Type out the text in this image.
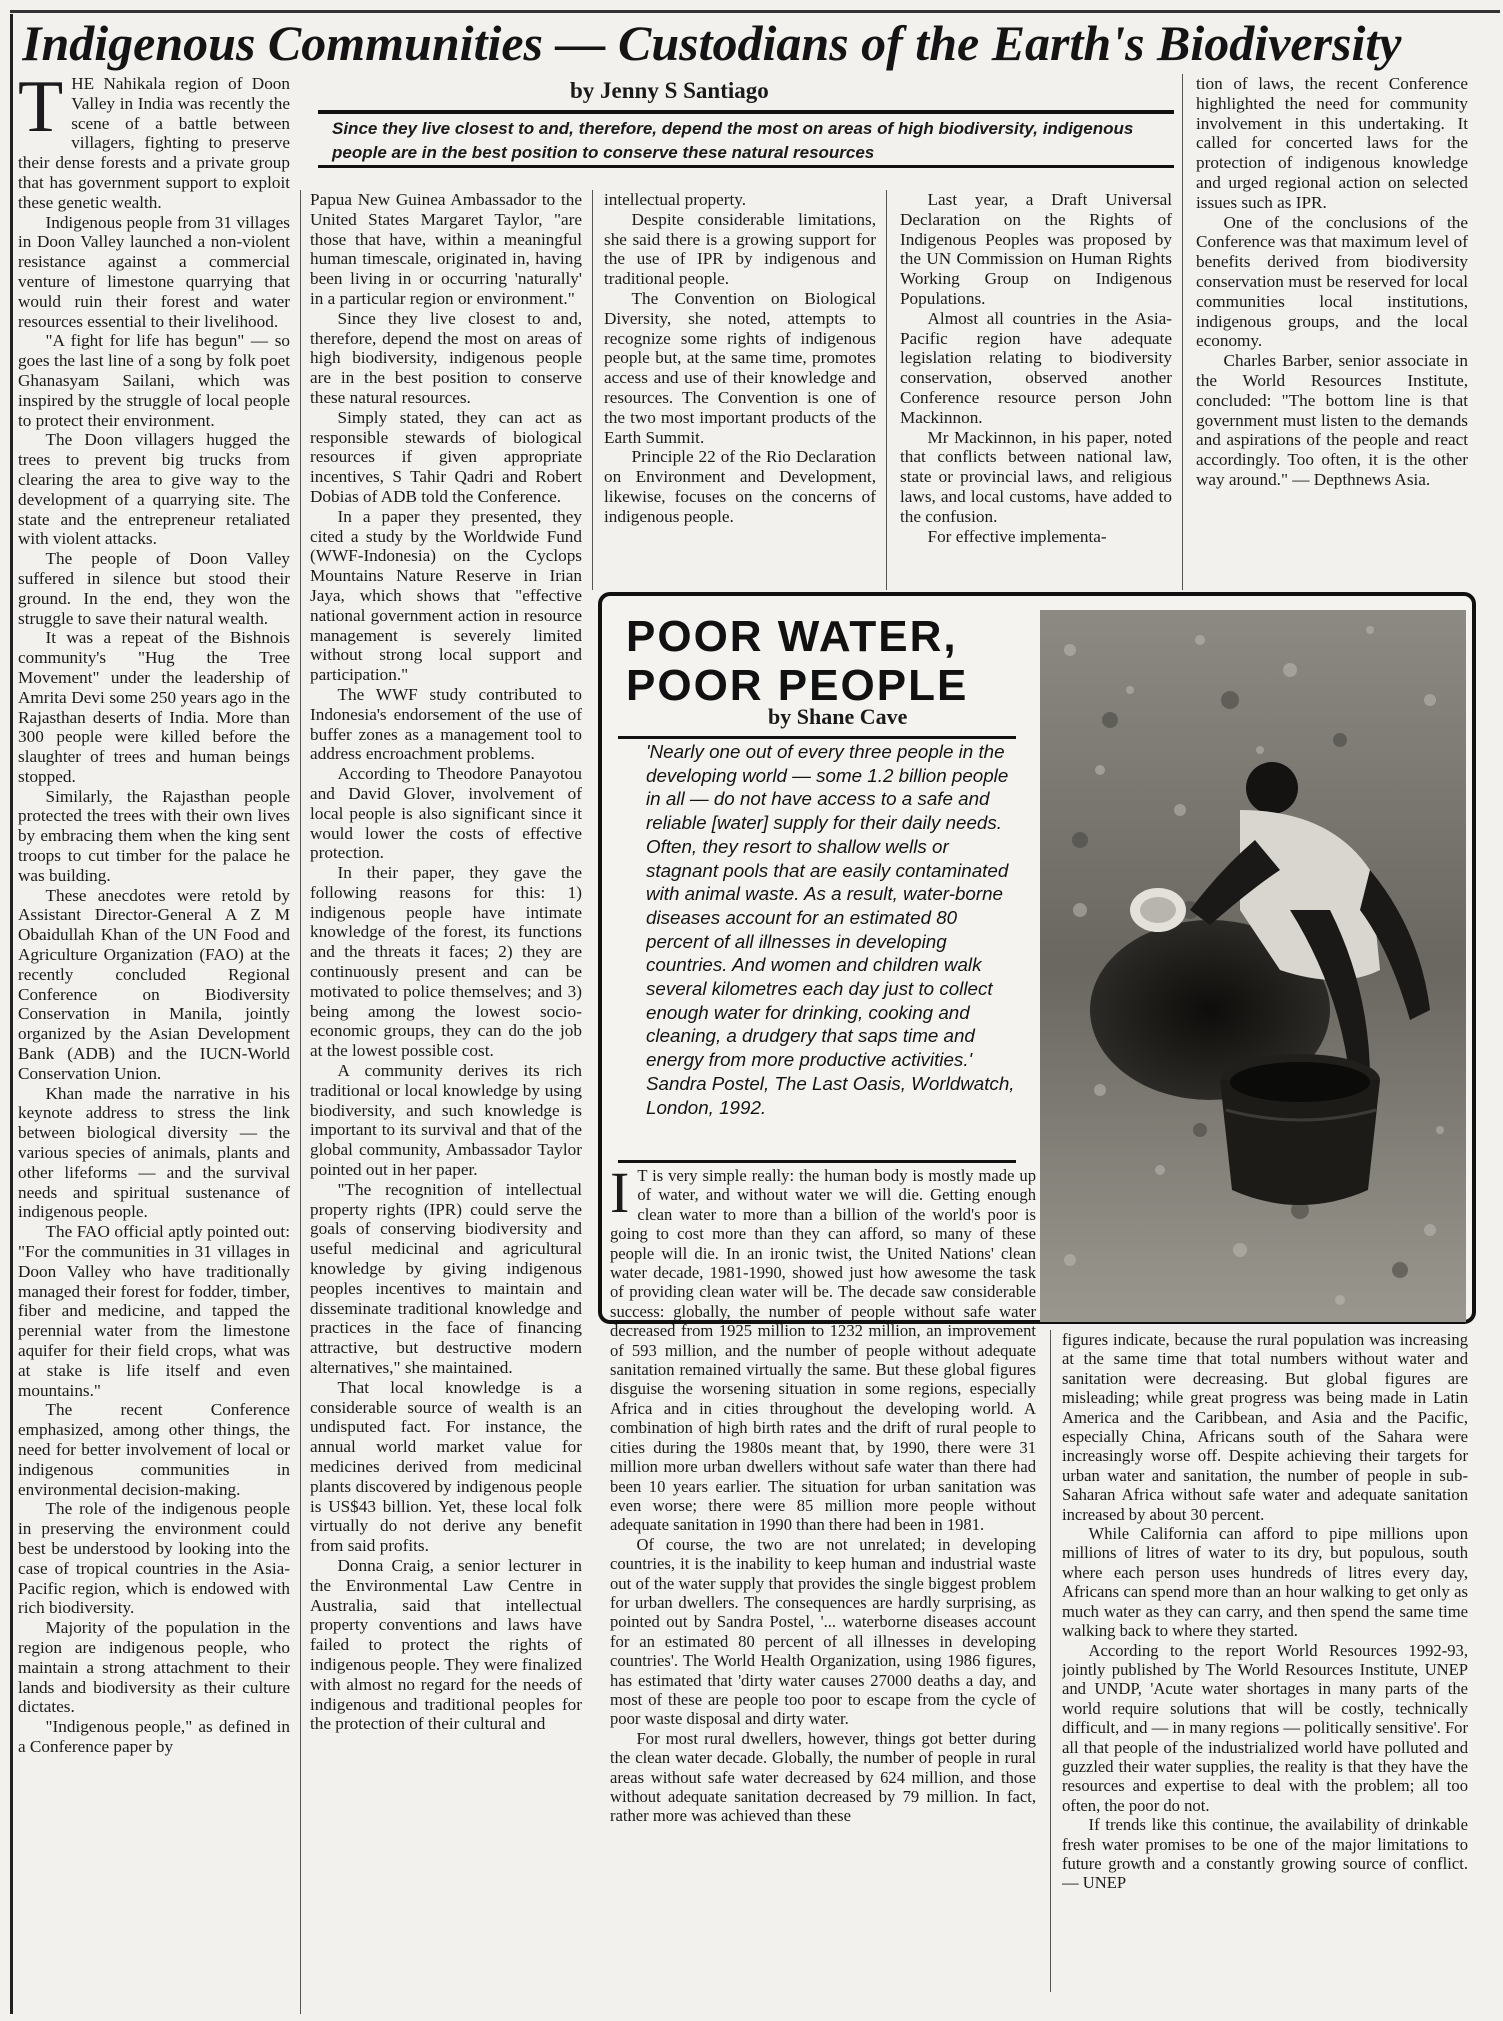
Indigenous Communities — Custodians of the Earth's Biodiversity
by Jenny S Santiago
Since they live closest to and, therefore, depend the most on areas of high biodiversity, indigenous people are in the best position to conserve these natural resources
T HE Nahikala region of Doon Valley in India was recently the scene of a battle between villagers, fighting to preserve their dense forests and a private group that has government support to exploit these genetic wealth.

Indigenous people from 31 villages in Doon Valley launched a non-violent resistance against a commercial venture of limestone quarrying that would ruin their forest and water resources essential to their livelihood.

"A fight for life has begun" — so goes the last line of a song by folk poet Ghanasyam Sailani, which was inspired by the struggle of local people to protect their environment.

The Doon villagers hugged the trees to prevent big trucks from clearing the area to give way to the development of a quarrying site. The state and the entrepreneur retaliated with violent attacks.

The people of Doon Valley suffered in silence but stood their ground. In the end, they won the struggle to save their natural wealth.

It was a repeat of the Bishnois community's "Hug the Tree Movement" under the leadership of Amrita Devi some 250 years ago in the Rajasthan deserts of India. More than 300 people were killed before the slaughter of trees and human beings stopped.

Similarly, the Rajasthan people protected the trees with their own lives by embracing them when the king sent troops to cut timber for the palace he was building.

These anecdotes were retold by Assistant Director-General A Z M Obaidullah Khan of the UN Food and Agriculture Organization (FAO) at the recently concluded Regional Conference on Biodiversity Conservation in Manila, jointly organized by the Asian Development Bank (ADB) and the IUCN-World Conservation Union.

Khan made the narrative in his keynote address to stress the link between biological diversity — the various species of animals, plants and other lifeforms — and the survival needs and spiritual sustenance of indigenous people.

The FAO official aptly pointed out: "For the communities in 31 villages in Doon Valley who have traditionally managed their forest for fodder, timber, fiber and medicine, and tapped the perennial water from the limestone aquifer for their field crops, what was at stake is life itself and even mountains."

The recent Conference emphasized, among other things, the need for better involvement of local or indigenous communities in environmental decision-making.

The role of the indigenous people in preserving the environment could best be understood by looking into the case of tropical countries in the Asia-Pacific region, which is endowed with rich biodiversity.

Majority of the population in the region are indigenous people, who maintain a strong attachment to their lands and biodiversity as their culture dictates.

"Indigenous people," as defined in a Conference paper by

Papua New Guinea Ambassador to the United States Margaret Taylor, "are those that have, within a meaningful human timescale, originated in, having been living in or occurring 'naturally' in a particular region or environment."

Since they live closest to and, therefore, depend the most on areas of high biodiversity, indigenous people are in the best position to conserve these natural resources.

Simply stated, they can act as responsible stewards of biological resources if given appropriate incentives, S Tahir Qadri and Robert Dobias of ADB told the Conference.

In a paper they presented, they cited a study by the Worldwide Fund (WWF-Indonesia) on the Cyclops Mountains Nature Reserve in Irian Jaya, which shows that "effective national government action in resource management is severely limited without strong local support and participation."

The WWF study contributed to Indonesia's endorsement of the use of buffer zones as a management tool to address encroachment problems.

According to Theodore Panayotou and David Glover, involvement of local people is also significant since it would lower the costs of effective protection.

In their paper, they gave the following reasons for this: 1) indigenous people have intimate knowledge of the forest, its functions and the threats it faces; 2) they are continuously present and can be motivated to police themselves; and 3) being among the lowest socio-economic groups, they can do the job at the lowest possible cost.

A community derives its rich traditional or local knowledge by using biodiversity, and such knowledge is important to its survival and that of the global community, Ambassador Taylor pointed out in her paper.

"The recognition of intellectual property rights (IPR) could serve the goals of conserving biodiversity and useful medicinal and agricultural knowledge by giving indigenous peoples incentives to maintain and disseminate traditional knowledge and practices in the face of financing attractive, but destructive modern alternatives," she maintained.

That local knowledge is a considerable source of wealth is an undisputed fact. For instance, the annual world market value for medicines derived from medicinal plants discovered by indigenous people is US$43 billion. Yet, these local folk virtually do not derive any benefit from said profits.

Donna Craig, a senior lecturer in the Environmental Law Centre in Australia, said that intellectual property conventions and laws have failed to protect the rights of indigenous people. They were finalized with almost no regard for the needs of indigenous and traditional peoples for the protection of their cultural and

intellectual property.

Despite considerable limitations, she said there is a growing support for the use of IPR by indigenous and traditional people.

The Convention on Biological Diversity, she noted, attempts to recognize some rights of indigenous people but, at the same time, promotes access and use of their knowledge and resources. The Convention is one of the two most important products of the Earth Summit.

Principle 22 of the Rio Declaration on Environment and Development, likewise, focuses on the concerns of indigenous people.

Last year, a Draft Universal Declaration on the Rights of Indigenous Peoples was proposed by the UN Commission on Human Rights Working Group on Indigenous Populations.

Almost all countries in the Asia-Pacific region have adequate legislation relating to biodiversity conservation, observed another Conference resource person John Mackinnon.

Mr Mackinnon, in his paper, noted that conflicts between national law, state or provincial laws, and religious laws, and local customs, have added to the confusion.

For effective implementa-

tion of laws, the recent Conference highlighted the need for community involvement in this undertaking. It called for concerted laws for the protection of indigenous knowledge and urged regional action on selected issues such as IPR.

One of the conclusions of the Conference was that maximum level of benefits derived from biodiversity conservation must be reserved for local communities local institutions, indigenous groups, and the local economy.

Charles Barber, senior associate in the World Resources Institute, concluded: "The bottom line is that government must listen to the demands and aspirations of the people and react accordingly. Too often, it is the other way around." — Depthnews Asia.

POOR WATER,
POOR PEOPLE
by Shane Cave
'Nearly one out of every three people in the developing world — some 1.2 billion people in all — do not have access to a safe and reliable [water] supply for their daily needs. Often, they resort to shallow wells or stagnant pools that are easily contaminated with animal waste. As a result, water-borne diseases account for an estimated 80 percent of all illnesses in developing countries. And women and children walk several kilometres each day just to collect enough water for drinking, cooking and cleaning, a drudgery that saps time and energy from more productive activities.' Sandra Postel, The Last Oasis, Worldwatch, London, 1992.
I T is very simple really: the human body is mostly made up of water, and without water we will die. Getting enough clean water to more than a billion of the world's poor is going to cost more than they can afford, so many of these people will die. In an ironic twist, the United Nations' clean water decade, 1981-1990, showed just how awesome the task of providing clean water will be. The decade saw considerable success: globally, the number of people without safe water decreased from 1925 million to 1232 million, an improvement of 593 million, and the number of people without adequate sanitation remained virtually the same. But these global figures disguise the worsening situation in some regions, especially Africa and in cities throughout the developing world. A combination of high birth rates and the drift of rural people to cities during the 1980s meant that, by 1990, there were 31 million more urban dwellers without safe water than there had been 10 years earlier. The situation for urban sanitation was even worse; there were 85 million more people without adequate sanitation in 1990 than there had been in 1981.

Of course, the two are not unrelated; in developing countries, it is the inability to keep human and industrial waste out of the water supply that provides the single biggest problem for urban dwellers. The consequences are hardly surprising, as pointed out by Sandra Postel, '... waterborne diseases account for an estimated 80 percent of all illnesses in developing countries'. The World Health Organization, using 1986 figures, has estimated that 'dirty water causes 27000 deaths a day, and most of these are people too poor to escape from the cycle of poor waste disposal and dirty water.

For most rural dwellers, however, things got better during the clean water decade. Globally, the number of people in rural areas without safe water decreased by 624 million, and those without adequate sanitation decreased by 79 million. In fact, rather more was achieved than these

figures indicate, because the rural population was increasing at the same time that total numbers without water and sanitation were decreasing. But global figures are misleading; while great progress was being made in Latin America and the Caribbean, and Asia and the Pacific, especially China, Africans south of the Sahara were increasingly worse off. Despite achieving their targets for urban water and sanitation, the number of people in sub-Saharan Africa without safe water and adequate sanitation increased by about 30 percent.

While California can afford to pipe millions upon millions of litres of water to its dry, but populous, south where each person uses hundreds of litres every day, Africans can spend more than an hour walking to get only as much water as they can carry, and then spend the same time walking back to where they started.

According to the report World Resources 1992-93, jointly published by The World Resources Institute, UNEP and UNDP, 'Acute water shortages in many parts of the world require solutions that will be costly, technically difficult, and — in many regions — politically sensitive'. For all that people of the industrialized world have polluted and guzzled their water supplies, the reality is that they have the resources and expertise to deal with the problem; all too often, the poor do not.

If trends like this continue, the availability of drinkable fresh water promises to be one of the major limitations to future growth and a constantly growing source of conflict. — UNEP
